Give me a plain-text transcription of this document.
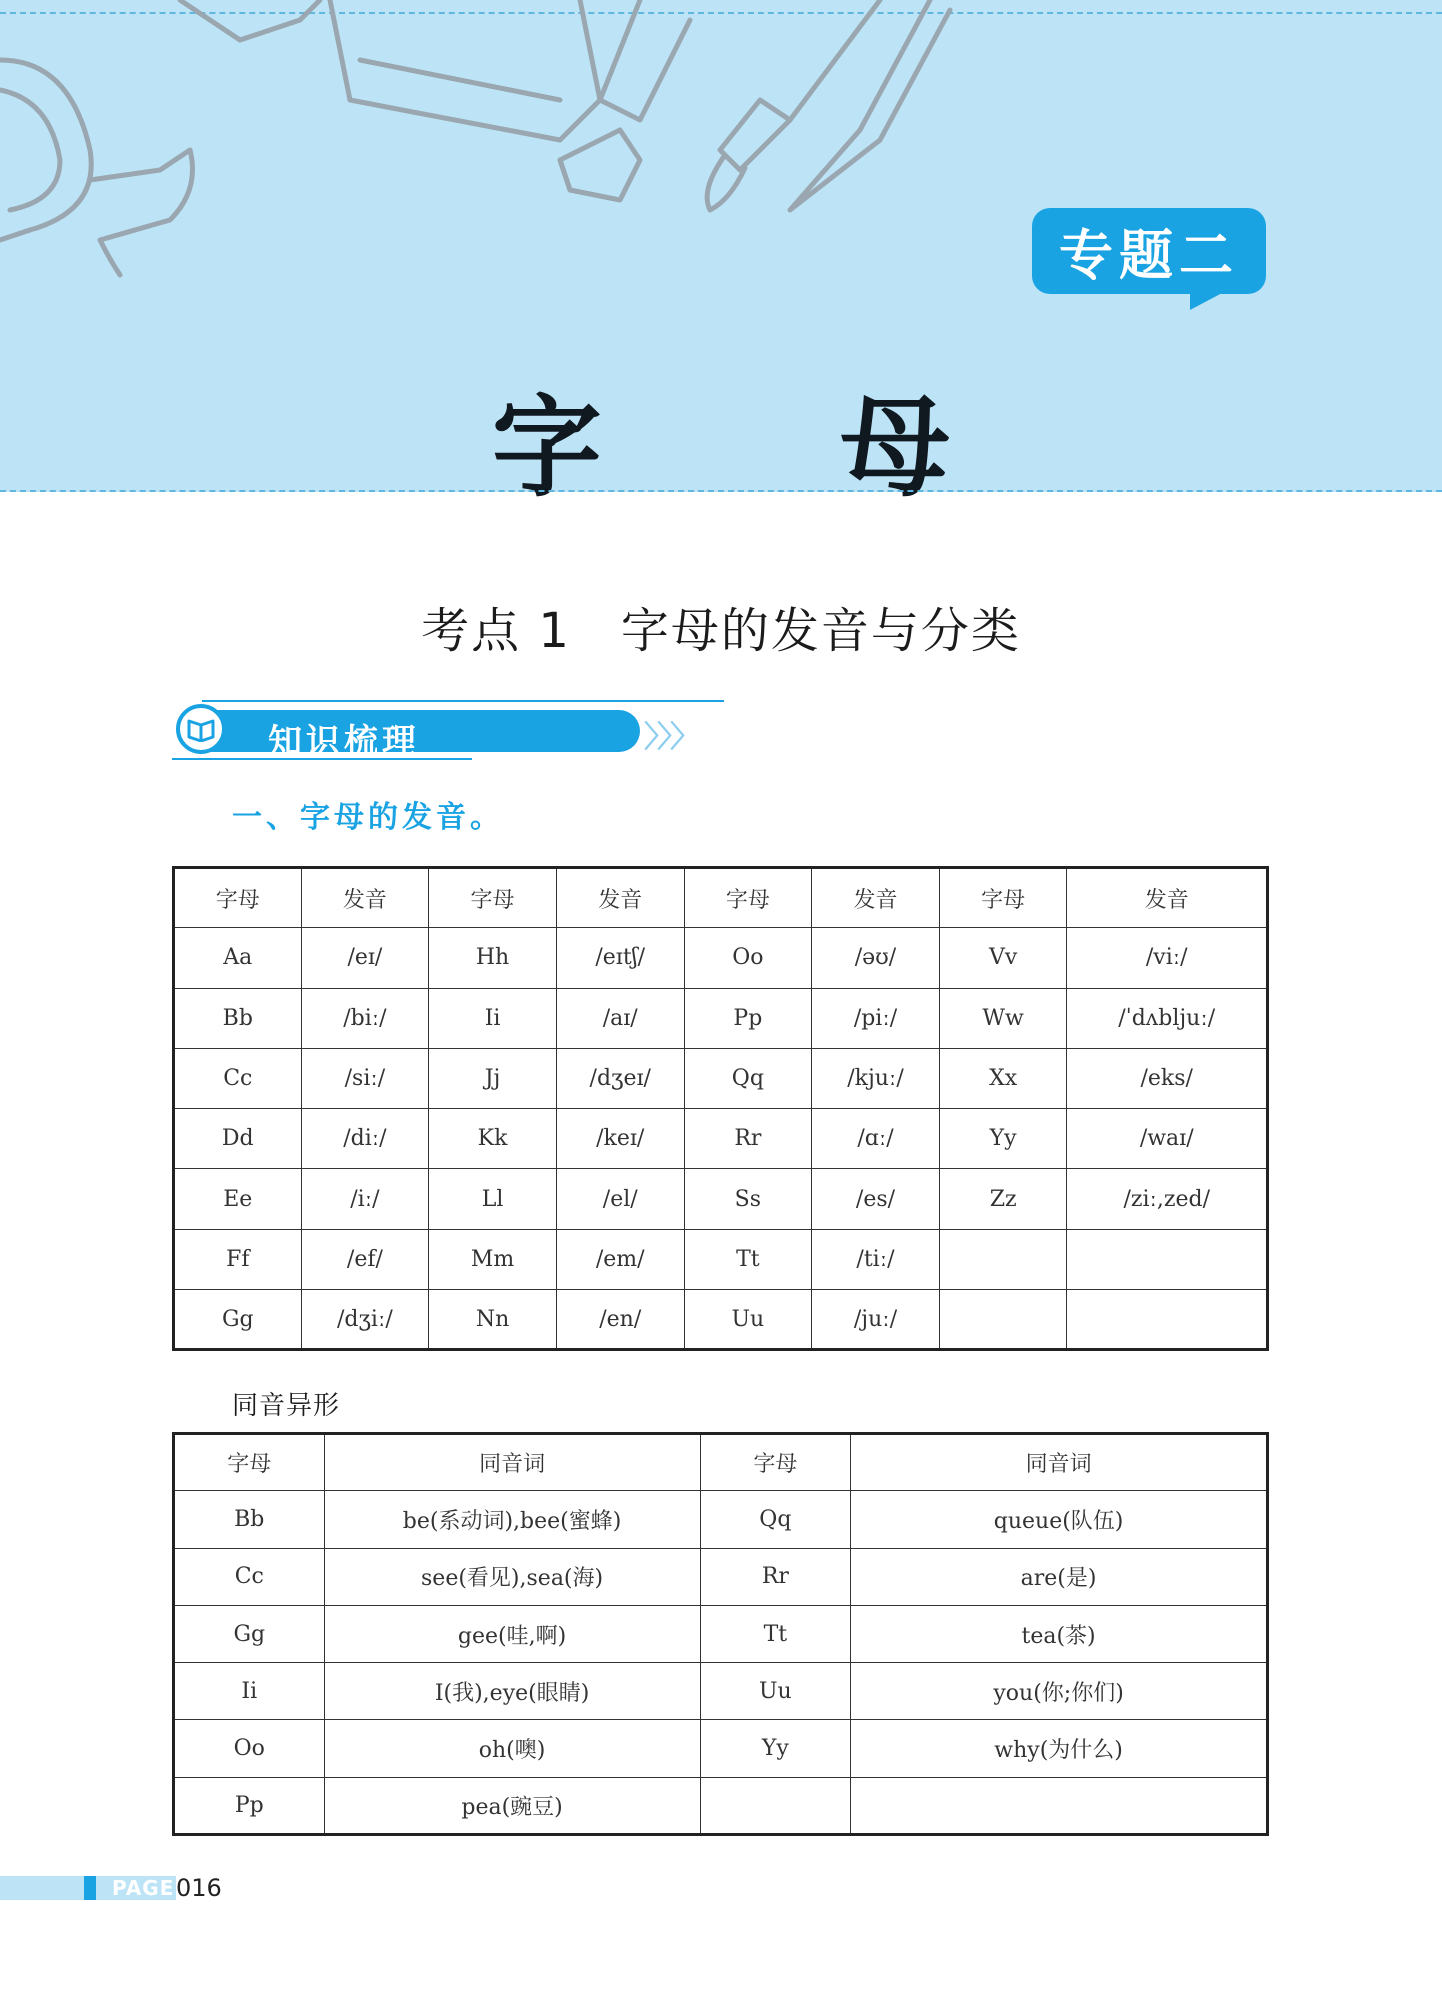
专题二
字 母
考点 1　字母的发音与分类
知识梳理	〉〉〉
一、字母的发音。
字母	发音	字母	发音	字母	发音	字母	发音
Aa	/eɪ/	Hh	/eɪtʃ/	Oo	/əʊ/	Vv	/viː/
Bb	/biː/	Ii	/aɪ/	Pp	/piː/	Ww	/ˈdʌbljuː/
Cc	/siː/	Jj	/dʒeɪ/	Qq	/kjuː/	Xx	/eks/
Dd	/diː/	Kk	/keɪ/	Rr	/ɑː/	Yy	/waɪ/
Ee	/iː/	Ll	/el/	Ss	/es/	Zz	/ziː,zed/
Ff	/ef/	Mm	/em/	Tt	/tiː/		
Gg	/dʒiː/	Nn	/en/	Uu	/juː/		
同音异形
字母	同音词	字母	同音词
Bb	be(系动词),bee(蜜蜂)	Qq	queue(队伍)
Cc	see(看见),sea(海)	Rr	are(是)
Gg	gee(哇,啊)	Tt	tea(茶)
Ii	I(我),eye(眼睛)	Uu	you(你;你们)
Oo	oh(噢)	Yy	why(为什么)
Pp	pea(豌豆)		
PAGE 016
